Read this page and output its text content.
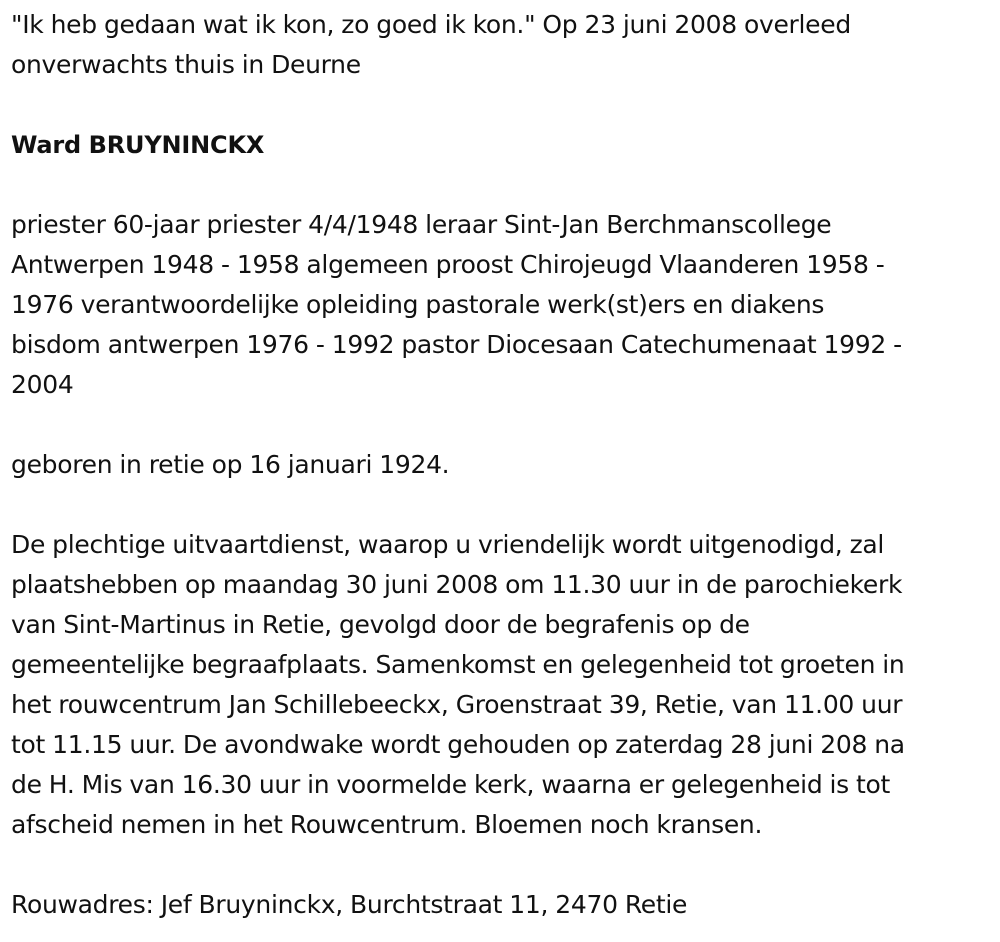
"Ik heb gedaan wat ik kon, zo goed ik kon." Op 23 juni 2008 overleed
onverwachts thuis in Deurne

Ward BRUYNINCKX

priester 60-jaar priester 4/4/1948 leraar Sint-Jan Berchmanscollege
Antwerpen 1948 - 1958 algemeen proost Chirojeugd Vlaanderen 1958 -
1976 verantwoordelijke opleiding pastorale werk(st)ers en diakens
bisdom antwerpen 1976 - 1992 pastor Diocesaan Catechumenaat 1992 -
2004

geboren in retie op 16 januari 1924.

De plechtige uitvaartdienst, waarop u vriendelijk wordt uitgenodigd, zal
plaatshebben op maandag 30 juni 2008 om 11.30 uur in de parochiekerk
van Sint-Martinus in Retie, gevolgd door de begrafenis op de
gemeentelijke begraafplaats. Samenkomst en gelegenheid tot groeten in
het rouwcentrum Jan Schillebeeckx, Groenstraat 39, Retie, van 11.00 uur
tot 11.15 uur. De avondwake wordt gehouden op zaterdag 28 juni 208 na
de H. Mis van 16.30 uur in voormelde kerk, waarna er gelegenheid is tot
afscheid nemen in het Rouwcentrum. Bloemen noch kransen.

Rouwadres: Jef Bruyninckx, Burchtstraat 11, 2470 Retie
